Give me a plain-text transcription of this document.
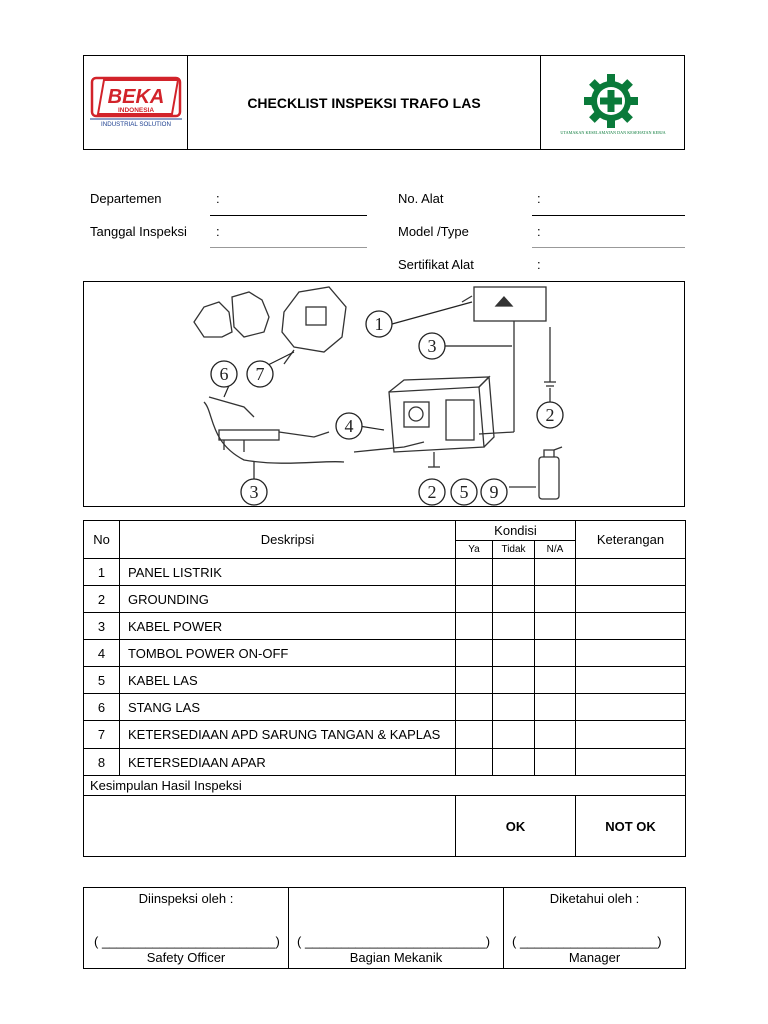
BEKA
INDONESIA
INDUSTRIAL SOLUTION
CHECKLIST INSPEKSI TRAFO LAS
UTAMAKAN KESELAMATAN DAN KESEHATAN KERJA
Departemen	:
Tanggal Inspeksi :
No. Alat	:
Model /Type	:
Sertifikat Alat	:
1
3
6 7
2
4
3	2 5 9
No	Deskripsi	Kondisi			Keterangan
		Ya	Tidak	N/A	
1	PANEL LISTRIK				
2	GROUNDING				
3	KABEL POWER				
4	TOMBOL POWER ON-OFF				
5	KABEL LAS				
6	STANG LAS				
7	KETERSEDIAAN APD SARUNG TANGAN & KAPLAS				
8	KETERSEDIAAN APAR				
Kesimpulan Hasil Inspeksi					
		OK			NOT OK
Diinspeksi oleh :
( ________________________)
Safety Officer

( _________________________)
Bagian Mekanik

Diketahui oleh :
( ___________________)
Manager
